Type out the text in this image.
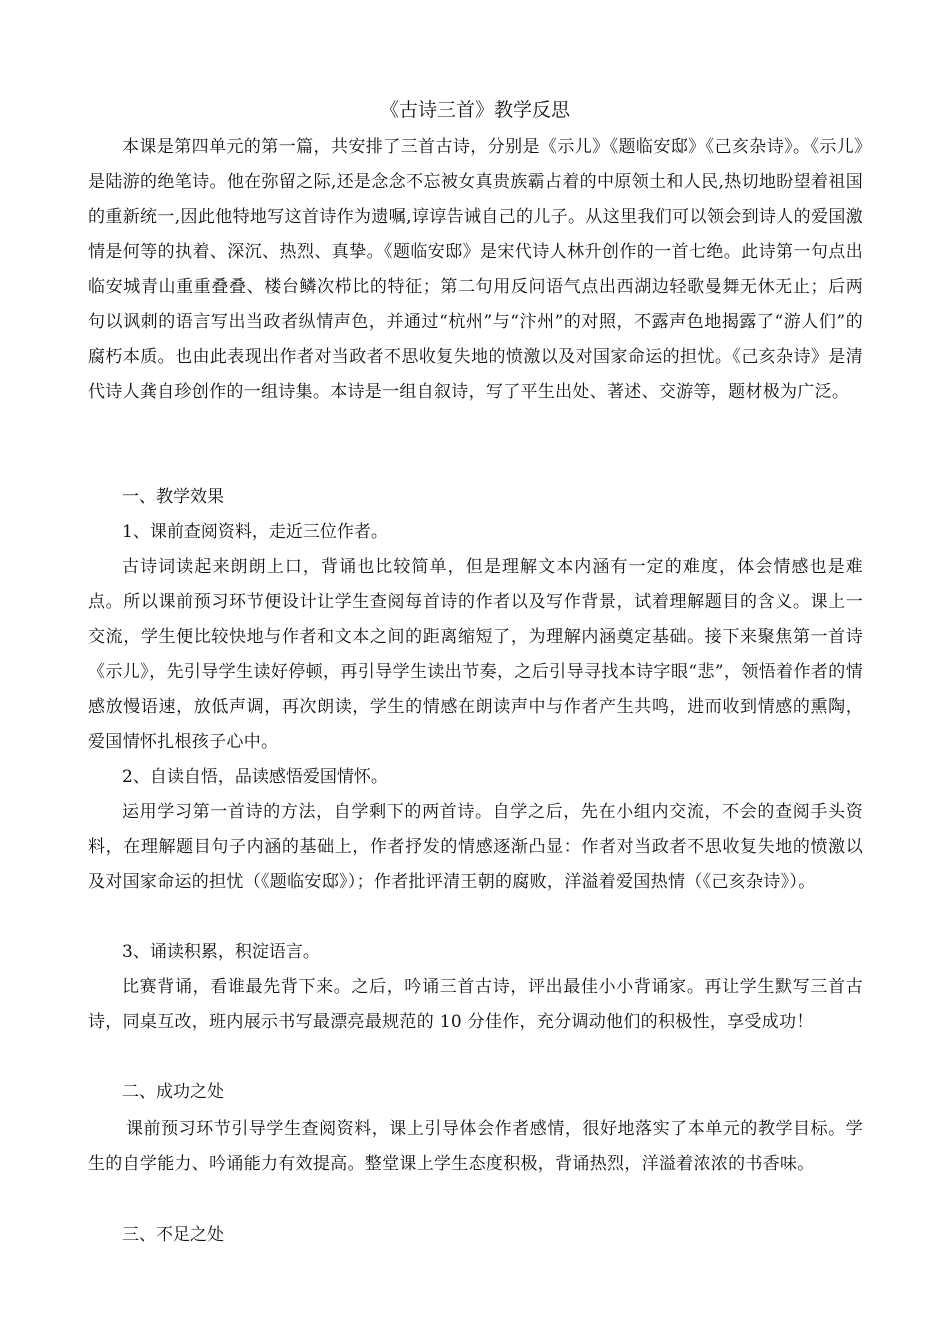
《古诗三首》教学反思
本课是第四单元的第一篇，共安排了三首古诗，分别是《示儿》《题临安邸》《己亥杂诗》。《示儿》是陆游的绝笔诗。他在弥留之际,还是念念不忘被女真贵族霸占着的中原领土和人民,热切地盼望着祖国的重新统一,因此他特地写这首诗作为遗嘱,谆谆告诫自己的儿子。从这里我们可以领会到诗人的爱国激情是何等的执着、深沉、热烈、真挚。《题临安邸》是宋代诗人林升创作的一首七绝。此诗第一句点出临安城青山重重叠叠、楼台鳞次栉比的特征；第二句用反问语气点出西湖边轻歌曼舞无休无止；后两句以讽刺的语言写出当政者纵情声色，并通过“杭州”与“汴州”的对照，不露声色地揭露了“游人们”的腐朽本质。也由此表现出作者对当政者不思收复失地的愤激以及对国家命运的担忧。《己亥杂诗》是清代诗人龚自珍创作的一组诗集。本诗是一组自叙诗，写了平生出处、著述、交游等，题材极为广泛。
一、教学效果
1、课前查阅资料，走近三位作者。
古诗词读起来朗朗上口，背诵也比较简单，但是理解文本内涵有一定的难度，体会情感也是难点。所以课前预习环节便设计让学生查阅每首诗的作者以及写作背景，试着理解题目的含义。课上一交流，学生便比较快地与作者和文本之间的距离缩短了，为理解内涵奠定基础。接下来聚焦第一首诗《示儿》，先引导学生读好停顿，再引导学生读出节奏，之后引导寻找本诗字眼“悲”，领悟着作者的情感放慢语速，放低声调，再次朗读，学生的情感在朗读声中与作者产生共鸣，进而收到情感的熏陶，爱国情怀扎根孩子心中。
2、自读自悟，品读感悟爱国情怀。
运用学习第一首诗的方法，自学剩下的两首诗。自学之后，先在小组内交流，不会的查阅手头资料，在理解题目句子内涵的基础上，作者抒发的情感逐渐凸显：作者对当政者不思收复失地的愤激以及对国家命运的担忧（《题临安邸》）；作者批评清王朝的腐败，洋溢着爱国热情（《己亥杂诗》）。
3、诵读积累，积淀语言。
比赛背诵，看谁最先背下来。之后，吟诵三首古诗，评出最佳小小背诵家。再让学生默写三首古诗，同桌互改，班内展示书写最漂亮最规范的 10 分佳作，充分调动他们的积极性，享受成功！
二、成功之处
课前预习环节引导学生查阅资料，课上引导体会作者感情，很好地落实了本单元的教学目标。学生的自学能力、吟诵能力有效提高。整堂课上学生态度积极，背诵热烈，洋溢着浓浓的书香味。
三、不足之处
